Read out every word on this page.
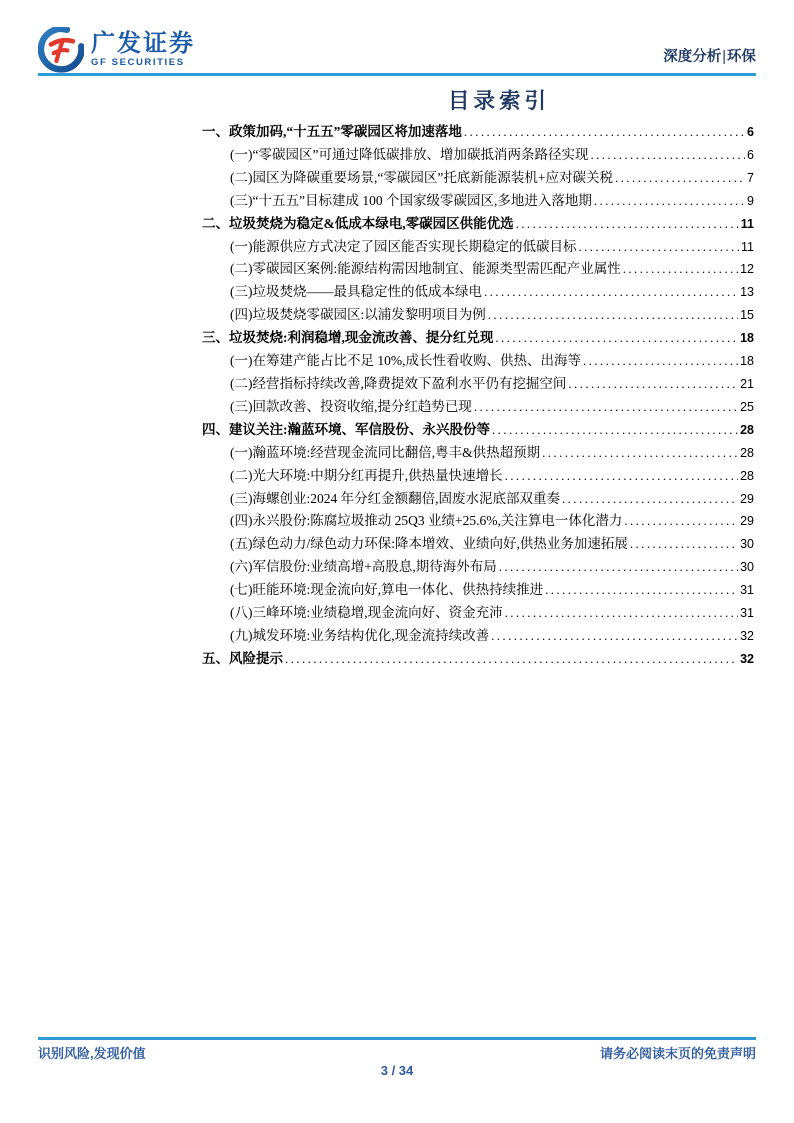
广发证券
GF SECURITIES	深度分析|环保
目录索引
一、政策加码,“十五五”零碳园区将加速落地 .....	6
(一)“零碳园区”可通过降低碳排放、增加碳抵消两条路径实现 .....	6
(二)园区为降碳重要场景,“零碳园区”托底新能源装机+应对碳关税 .....	7
(三)“十五五”目标建成 100 个国家级零碳园区,多地进入落地期 .....	9
二、垃圾焚烧为稳定&低成本绿电,零碳园区供能优选 .....	11
(一)能源供应方式决定了园区能否实现长期稳定的低碳目标 .....	11
(二)零碳园区案例:能源结构需因地制宜、能源类型需匹配产业属性 .....	12
(三)垃圾焚烧——最具稳定性的低成本绿电 .....	13
(四)垃圾焚烧零碳园区:以浦发黎明项目为例 .....	15
三、垃圾焚烧:利润稳增,现金流改善、提分红兑现 .....	18
(一)在筹建产能占比不足 10%,成长性看收购、供热、出海等 .....	18
(二)经营指标持续改善,降费提效下盈利水平仍有挖掘空间 .....	21
(三)回款改善、投资收缩,提分红趋势已现 .....	25
四、建议关注:瀚蓝环境、军信股份、永兴股份等 .....	28
(一)瀚蓝环境:经营现金流同比翻倍,粤丰&供热超预期 .....	28
(二)光大环境:中期分红再提升,供热量快速增长 .....	28
(三)海螺创业:2024 年分红金额翻倍,固废水泥底部双重奏 .....	29
(四)永兴股份:陈腐垃圾推动 25Q3 业绩+25.6%,关注算电一体化潜力 .....	29
(五)绿色动力/绿色动力环保:降本增效、业绩向好,供热业务加速拓展 .....	30
(六)军信股份:业绩高增+高股息,期待海外布局 .....	30
(七)旺能环境:现金流向好,算电一体化、供热持续推进 .....	31
(八)三峰环境:业绩稳增,现金流向好、资金充沛 .....	31
(九)城发环境:业务结构优化,现金流持续改善 .....	32
五、风险提示 .....	32
识别风险,发现价值	请务必阅读末页的免责声明
3 / 34
